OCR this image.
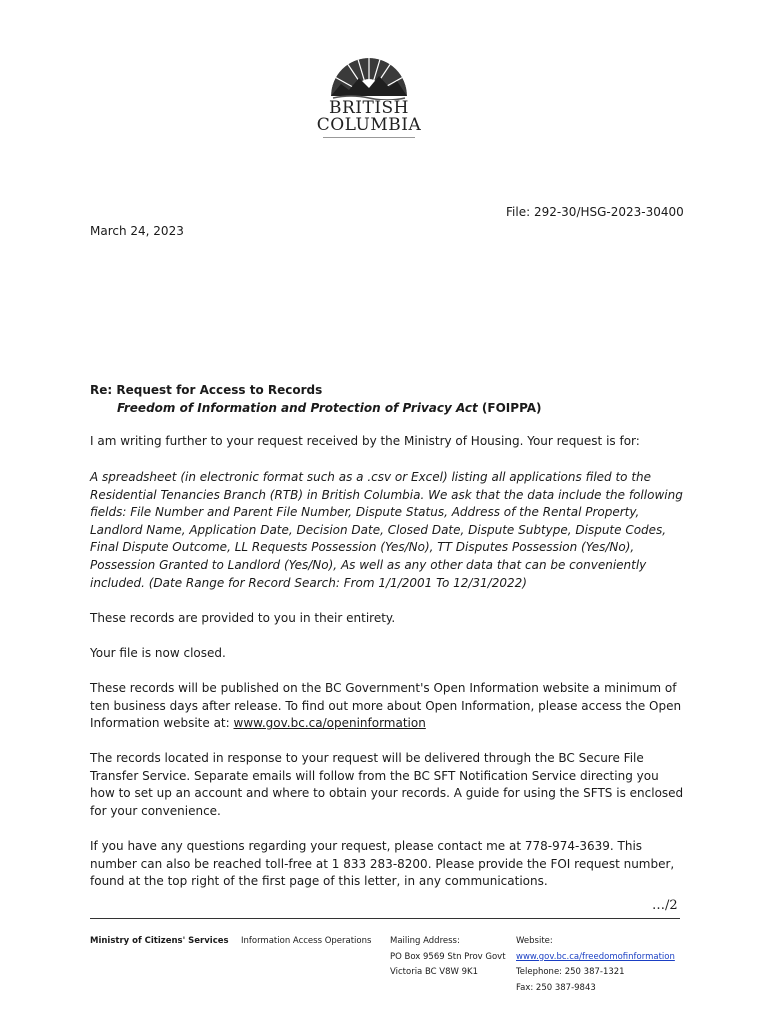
BRITISH
COLUMBIA
File: 292-30/HSG-2023-30400
March 24, 2023
Re: Request for Access to Records
Freedom of Information and Protection of Privacy Act (FOIPPA)
I am writing further to your request received by the Ministry of Housing. Your request is for:
A spreadsheet (in electronic format such as a .csv or Excel) listing all applications filed to the Residential Tenancies Branch (RTB) in British Columbia. We ask that the data include the following fields: File Number and Parent File Number, Dispute Status, Address of the Rental Property, Landlord Name, Application Date, Decision Date, Closed Date, Dispute Subtype, Dispute Codes, Final Dispute Outcome, LL Requests Possession (Yes/No), TT Disputes Possession (Yes/No), Possession Granted to Landlord (Yes/No), As well as any other data that can be conveniently included. (Date Range for Record Search: From 1/1/2001 To 12/31/2022)
These records are provided to you in their entirety.
Your file is now closed.
These records will be published on the BC Government's Open Information website a minimum of ten business days after release. To find out more about Open Information, please access the Open Information website at: www.gov.bc.ca/openinformation
The records located in response to your request will be delivered through the BC Secure File Transfer Service. Separate emails will follow from the BC SFT Notification Service directing you how to set up an account and where to obtain your records. A guide for using the SFTS is enclosed for your convenience.
If you have any questions regarding your request, please contact me at 778-974-3639. This number can also be reached toll-free at 1 833 283-8200. Please provide the FOI request number, found at the top right of the first page of this letter, in any communications.
…/2
Ministry of Citizens' Services Information Access Operations Mailing Address:
PO Box 9569 Stn Prov Govt
Victoria BC V8W 9K1
Website:
www.gov.bc.ca/freedomofinformation
Telephone: 250 387-1321
Fax: 250 387-9843
